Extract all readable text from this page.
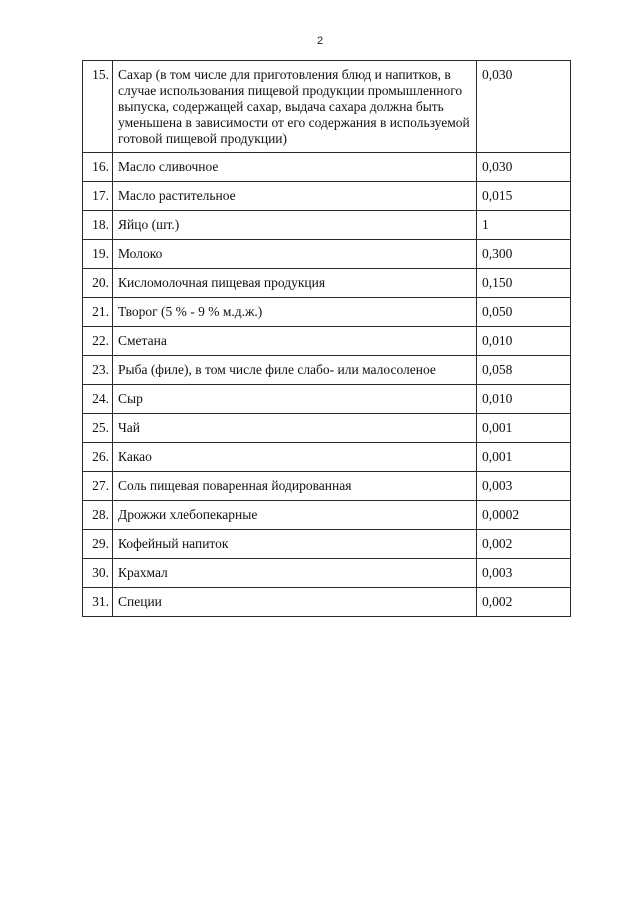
2
15.	Сахар (в том числе для приготовления блюд и напитков, в случае использования пищевой продукции промышленного выпуска, содержащей сахар, выдача сахара должна быть уменьшена в зависимости от его содержания в используемой готовой пищевой продукции)	0,030
16.	Масло сливочное	0,030
17.	Масло растительное	0,015
18.	Яйцо (шт.)	1
19.	Молоко	0,300
20.	Кисломолочная пищевая продукция	0,150
21.	Творог (5 % - 9 % м.д.ж.)	0,050
22.	Сметана	0,010
23.	Рыба (филе), в том числе филе слабо- или малосоленое	0,058
24.	Сыр	0,010
25.	Чай	0,001
26.	Какао	0,001
27.	Соль пищевая поваренная йодированная	0,003
28.	Дрожжи хлебопекарные	0,0002
29.	Кофейный напиток	0,002
30.	Крахмал	0,003
31.	Специи	0,002
